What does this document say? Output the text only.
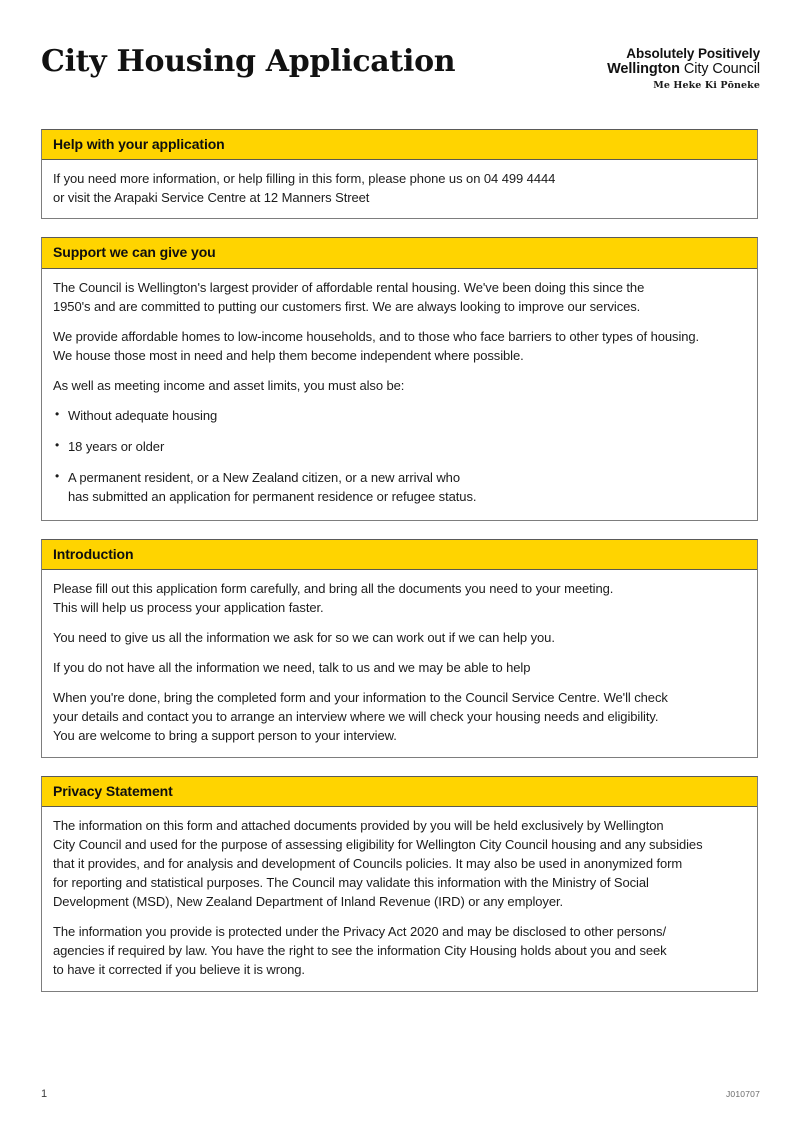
City Housing Application	Absolutely Positively
Wellington City Council
Me Heke Ki Pōneke
Help with your application

If you need more information, or help filling in this form, please phone us on 04 499 4444
or visit the Arapaki Service Centre at 12 Manners Street

Support we can give you

The Council is Wellington's largest provider of affordable rental housing. We've been doing this since the
1950's and are committed to putting our customers first. We are always looking to improve our services.

We provide affordable homes to low-income households, and to those who face barriers to other types of housing.
We house those most in need and help them become independent where possible.

As well as meeting income and asset limits, you must also be:

• Without adequate housing
• 18 years or older
• A permanent resident, or a New Zealand citizen, or a new arrival who
has submitted an application for permanent residence or refugee status.
Introduction

Please fill out this application form carefully, and bring all the documents you need to your meeting.
This will help us process your application faster.

You need to give us all the information we ask for so we can work out if we can help you.

If you do not have all the information we need, talk to us and we may be able to help

When you're done, bring the completed form and your information to the Council Service Centre. We'll check
your details and contact you to arrange an interview where we will check your housing needs and eligibility.
You are welcome to bring a support person to your interview.

Privacy Statement

The information on this form and attached documents provided by you will be held exclusively by Wellington
City Council and used for the purpose of assessing eligibility for Wellington City Council housing and any subsidies
that it provides, and for analysis and development of Councils policies. It may also be used in anonymized form
for reporting and statistical purposes. The Council may validate this information with the Ministry of Social
Development (MSD), New Zealand Department of Inland Revenue (IRD) or any employer.

The information you provide is protected under the Privacy Act 2020 and may be disclosed to other persons/
agencies if required by law. You have the right to see the information City Housing holds about you and seek
to have it corrected if you believe it is wrong.

1	J010707
